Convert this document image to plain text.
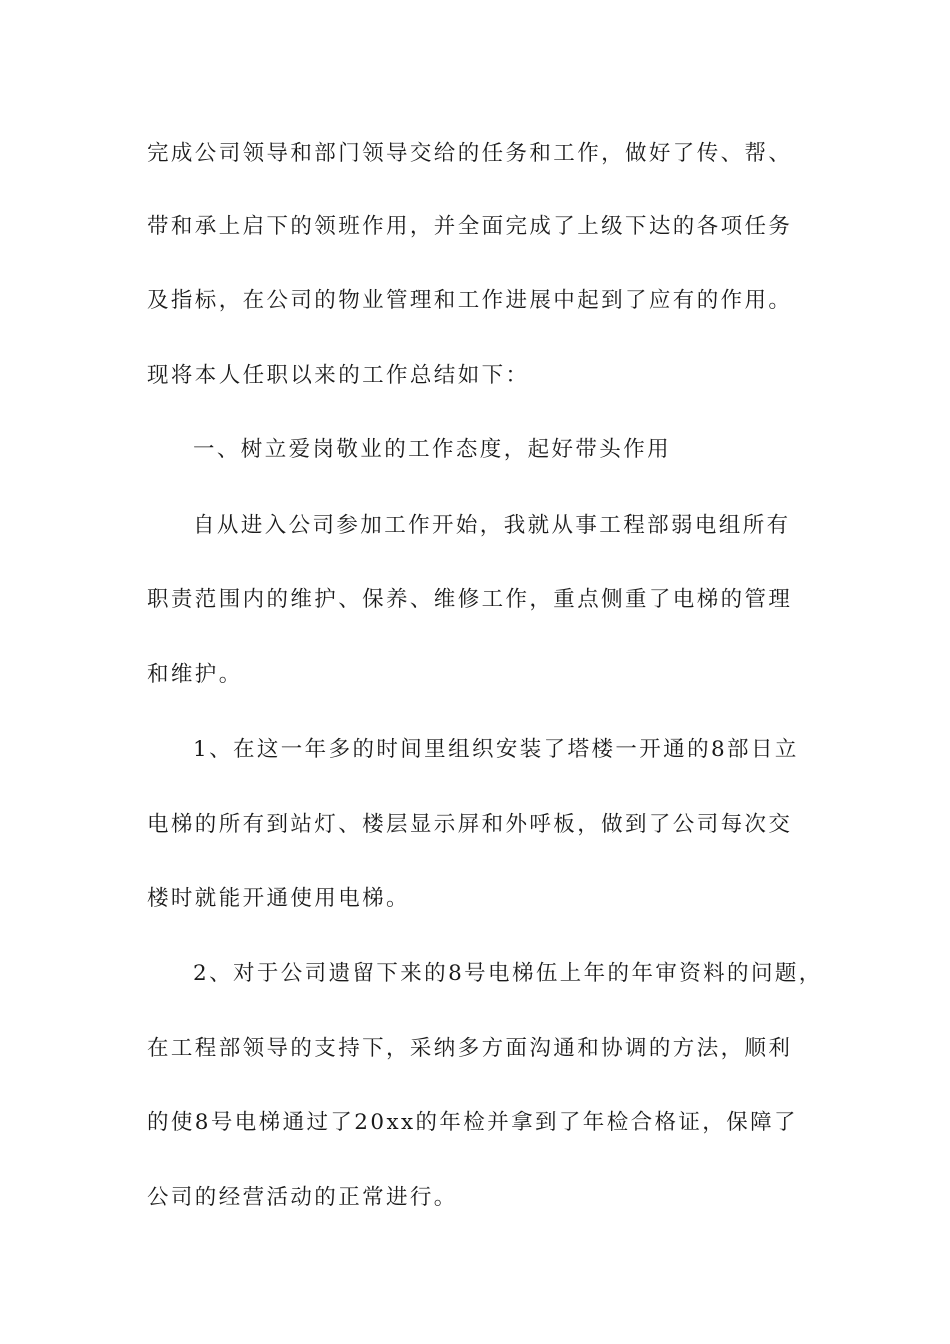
完成公司领导和部门领导交给的任务和工作，做好了传、帮、
带和承上启下的领班作用，并全面完成了上级下达的各项任务
及指标，在公司的物业管理和工作进展中起到了应有的作用。
现将本人任职以来的工作总结如下：
一、树立爱岗敬业的工作态度，起好带头作用
自从进入公司参加工作开始，我就从事工程部弱电组所有
职责范围内的维护、保养、维修工作，重点侧重了电梯的管理
和维护。
1、在这一年多的时间里组织安装了塔楼一开通的8部日立
电梯的所有到站灯、楼层显示屏和外呼板，做到了公司每次交
楼时就能开通使用电梯。
2、对于公司遗留下来的8号电梯伍上年的年审资料的问题，
在工程部领导的支持下，采纳多方面沟通和协调的方法，顺利
的使8号电梯通过了20xx的年检并拿到了年检合格证，保障了
公司的经营活动的正常进行。
